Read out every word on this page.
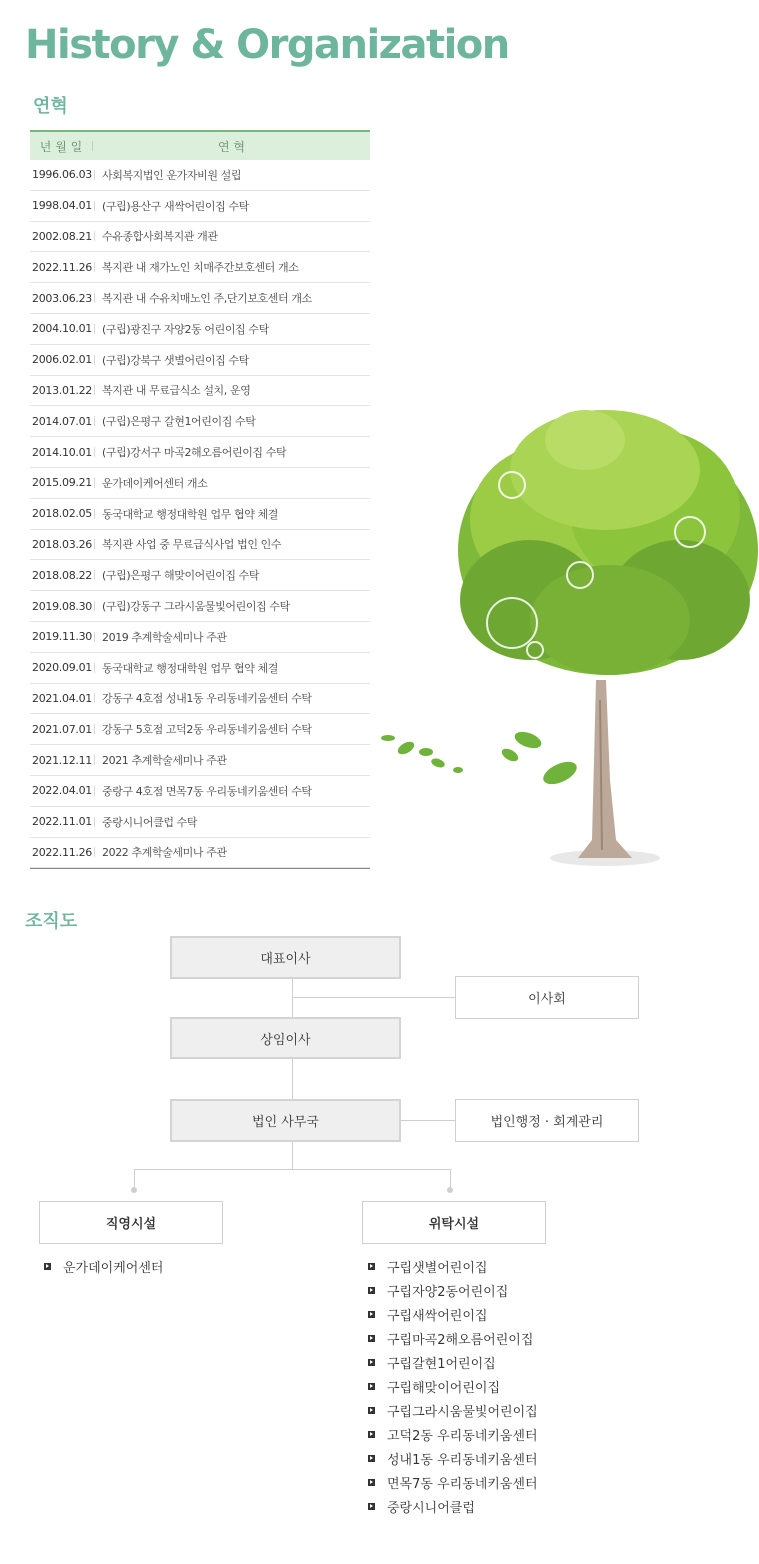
History & Organization
연혁
년 월 일	연 혁
1996.06.03 사회복지법인 운가자비원 설립
1998.04.01 (구립)용산구 새싹어린이집 수탁
2002.08.21 수유종합사회복지관 개관
2022.11.26 복지관 내 재가노인 치매주간보호센터 개소
2003.06.23 복지관 내 수유치매노인 주,단기보호센터 개소
2004.10.01 (구립)광진구 자양2동 어린이집 수탁
2006.02.01 (구립)강북구 샛별어린이집 수탁
2013.01.22 복지관 내 무료급식소 설치, 운영
2014.07.01 (구립)은평구 갈현1어린이집 수탁
2014.10.01 (구립)강서구 마곡2해오름어린이집 수탁
2015.09.21 운가데이케어센터 개소
2018.02.05 동국대학교 행정대학원 업무 협약 체결
2018.03.26 복지관 사업 중 무료급식사업 법인 인수
2018.08.22 (구립)은평구 해맞이어린이집 수탁
2019.08.30 (구립)강동구 그라시움물빛어린이집 수탁
2019.11.30 2019 추계학술세미나 주관
2020.09.01 동국대학교 행정대학원 업무 협약 체결
2021.04.01 강동구 4호점 성내1동 우리동네키움센터 수탁
2021.07.01 강동구 5호점 고덕2동 우리동네키움센터 수탁
2021.12.11 2021 추계학술세미나 주관
2022.04.01 중랑구 4호점 면목7동 우리동네키움센터 수탁
2022.11.01 중랑시니어클럽 수탁
2022.11.26 2022 추계학술세미나 주관
조직도
대표이사
이사회
상임이사
법인 사무국	법인행정 · 회계관리
직영시설	위탁시설
운가데이케어센터	구립샛별어린이집
구립자양2동어린이집
구립새싹어린이집
구립마곡2해오름어린이집
구립갈현1어린이집
구립해맞이어린이집
구립그라시움물빛어린이집
고덕2동 우리동네키움센터
성내1동 우리동네키움센터
면목7동 우리동네키움센터
중랑시니어클럽
